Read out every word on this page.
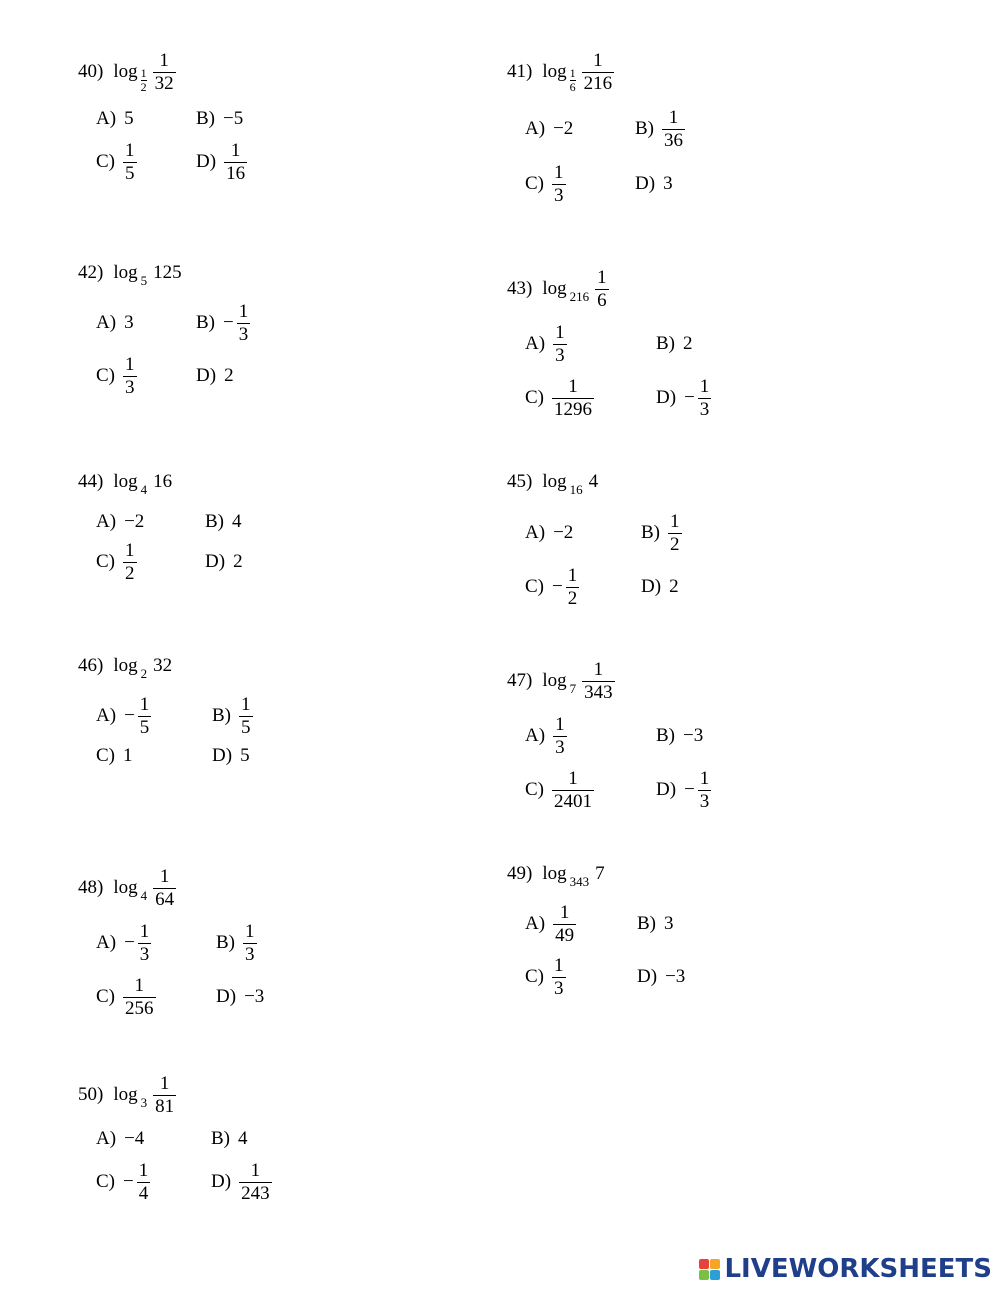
40) log 1
$2 \frac{1}{32}$
A) 5	B) −5
$C) \frac{1}{5}$	$D) \frac{1}{16}$
41) log 1
$6 \frac{1}{216}$
A) −2	$B) \frac{1}{36}$
$C) \frac{1}{3}$	D) 3
42) log 5 125
A) 3	$B) - \frac{1}{3}$
$C) \frac{1}{3}$	D) 2
43) $\log 216 \frac{1}{6}$
$A) \frac{1}{3}$	B) 2
$C) \frac{1}{1296}$	$D) - \frac{1}{3}$
44) log 4 16
A) −2	B) 4
$C) \frac{1}{2}$	D) 2
45) log 16 4
A) −2	$B) \frac{1}{2}$
$C) - \frac{1}{2}$	D) 2
46) log 2 32
$A) - \frac{1}{5}$	$B) \frac{1}{5}$
C) 1	D) 5
47) $\log 7 \frac{1}{343}$
$A) \frac{1}{3}$	B) −3
$C) \frac{1}{2401}$	$D) - \frac{1}{3}$
48) $\log 4 \frac{1}{64}$
$A) - \frac{1}{3}$	$B) \frac{1}{3}$
$C) \frac{1}{256}$	D) −3
49) log 343 7
$A) \frac{1}{49}$	B) 3
$C) \frac{1}{3}$	D) −3
50) $\log 3 \frac{1}{81}$
A) −4	B) 4
$C) - \frac{1}{4}$	$D) \frac{1}{243}$
LIVEWORKSHEETS
